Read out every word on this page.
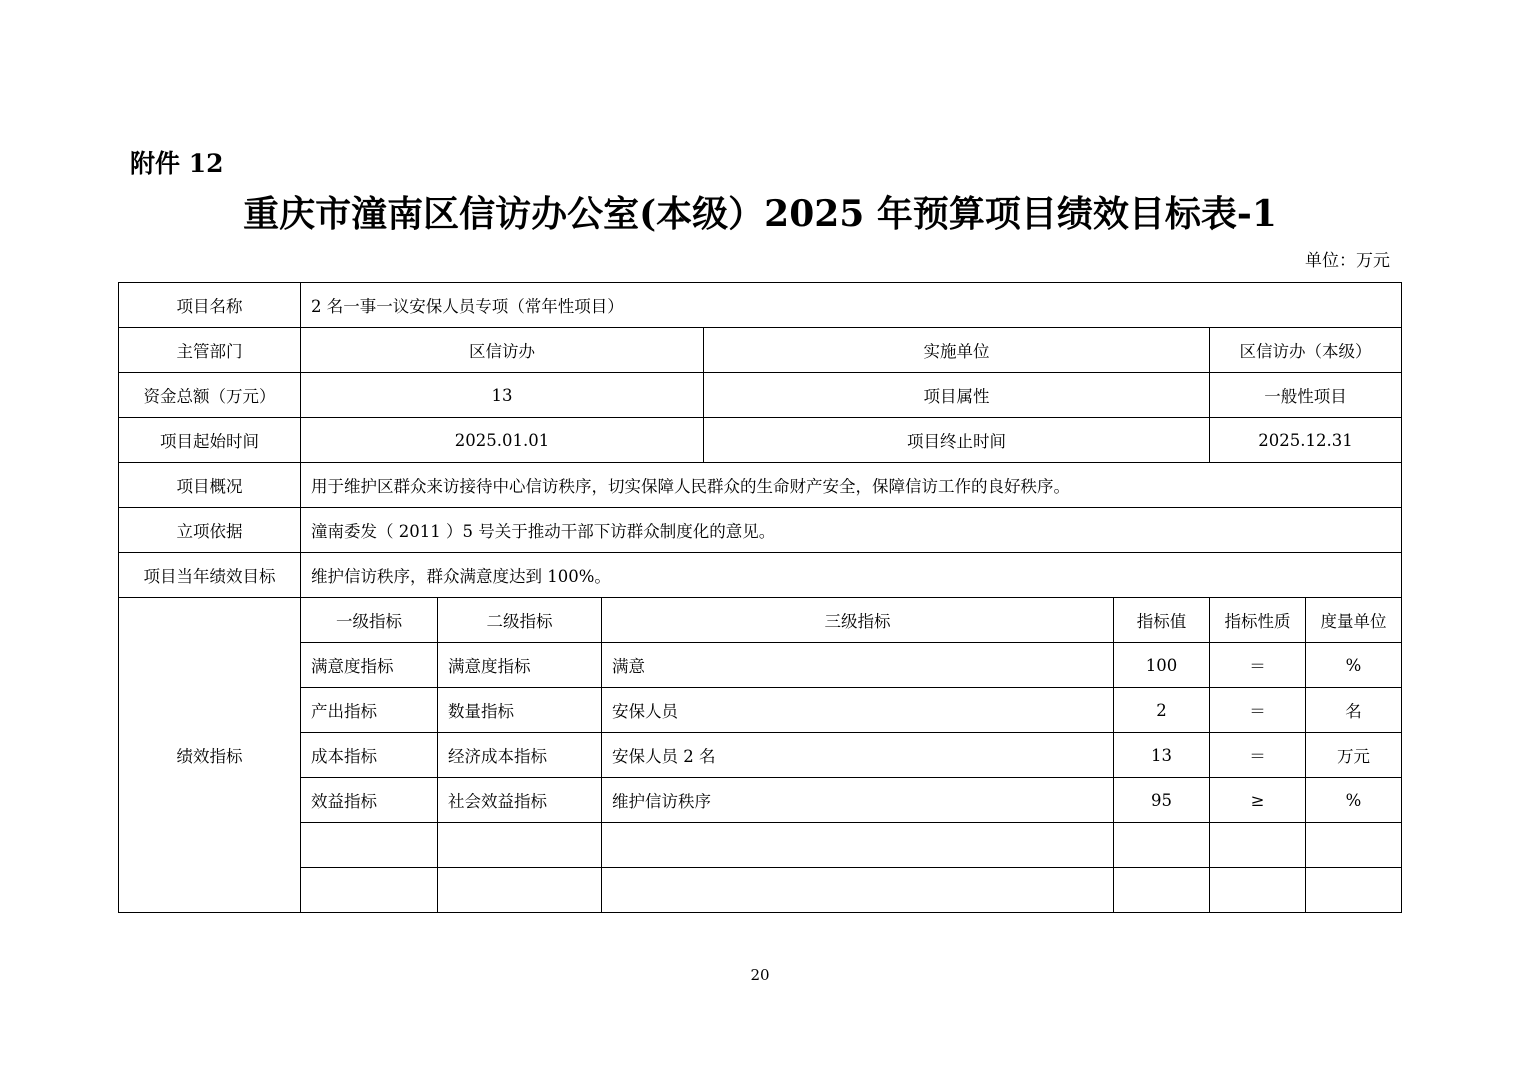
附件 12
重庆市潼南区信访办公室(本级）2025 年预算项目绩效目标表-1
单位：万元
项目名称	2 名一事一议安保人员专项（常年性项目）						
主管部门	区信访办			实施单位		区信访办（本级）	
资金总额（万元）	13			项目属性		一般性项目	
项目起始时间	2025.01.01			项目终止时间		2025.12.31	
项目概况	用于维护区群众来访接待中心信访秩序，切实保障人民群众的生命财产安全，保障信访工作的良好秩序。						
立项依据	潼南委发（ 2011 ）5 号关于推动干部下访群众制度化的意见。						
项目当年绩效目标	维护信访秩序，群众满意度达到 100%。						
绩效指标	一级指标	二级指标	三级指标		指标值	指标性质	度量单位
	满意度指标	满意度指标	满意		100	＝	%
	产出指标	数量指标	安保人员		2	＝	名
	成本指标	经济成本指标	安保人员 2 名		13	＝	万元
	效益指标	社会效益指标	维护信访秩序		95	≥	%

20
